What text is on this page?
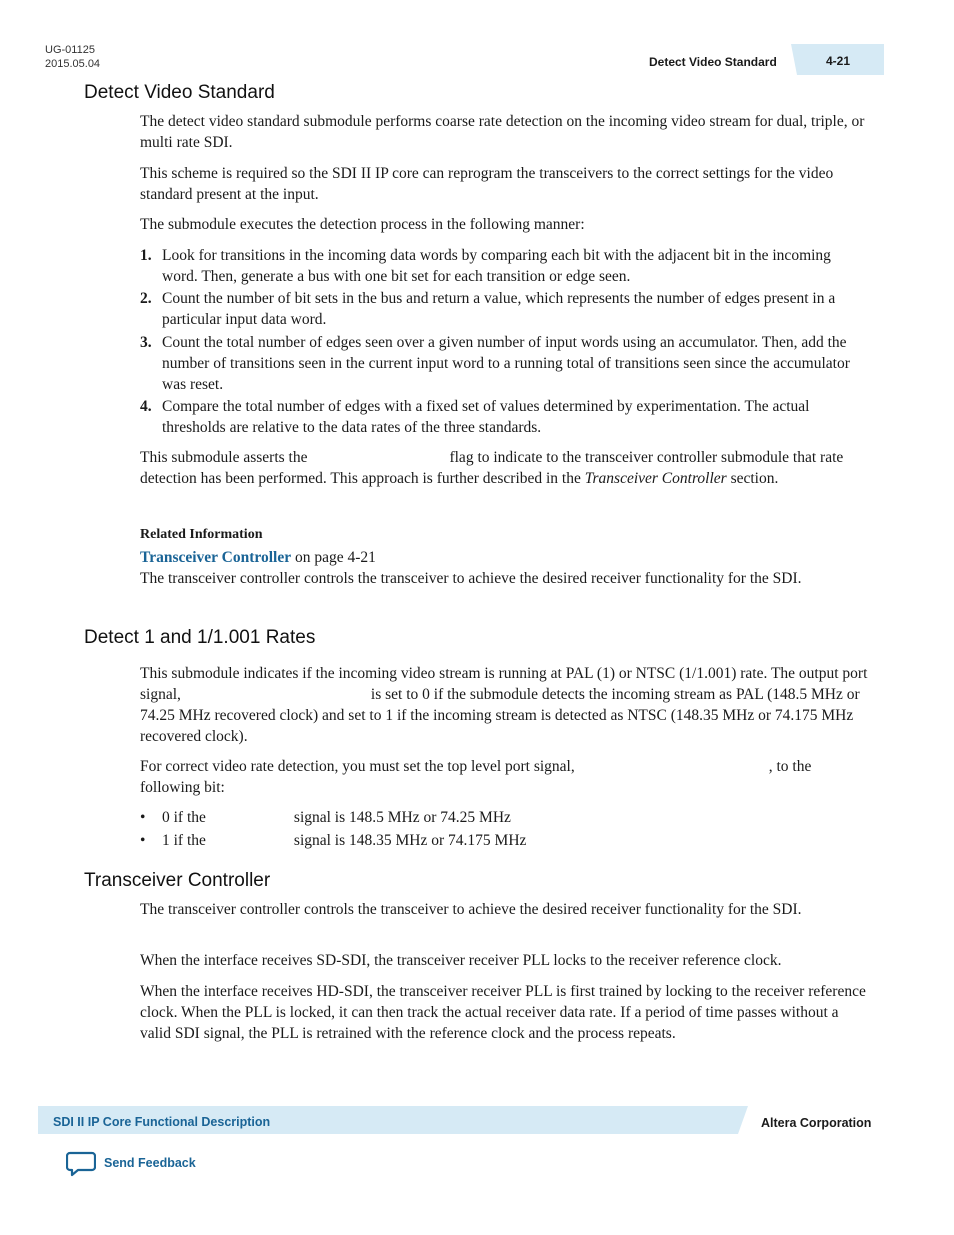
UG-01125
2015.05.04	Detect Video Standard	4-21
Detect Video Standard

The detect video standard submodule performs coarse rate detection on the incoming video stream for dual, triple, or multi rate SDI.

This scheme is required so the SDI II IP core can reprogram the transceivers to the correct settings for the video standard present at the input.

The submodule executes the detection process in the following manner:

1. Look for transitions in the incoming data words by comparing each bit with the adjacent bit in the incoming word. Then, generate a bus with one bit set for each transition or edge seen.
2. Count the number of bit sets in the bus and return a value, which represents the number of edges present in a particular input data word.
3. Count the total number of edges seen over a given number of input words using an accumulator. Then, add the number of transitions seen in the current input word to a running total of transitions seen since the accumulator was reset.
4. Compare the total number of edges with a fixed set of values determined by experimentation. The actual thresholds are relative to the data rates of the three standards.

This submodule asserts the	flag to indicate to the transceiver controller submodule that rate detection has been performed. This approach is further described in the Transceiver Controller section.

Related Information

Transceiver Controller on page 4-21
The transceiver controller controls the transceiver to achieve the desired receiver functionality for the SDI.

Detect 1 and 1/1.001 Rates

This submodule indicates if the incoming video stream is running at PAL (1) or NTSC (1/1.001) rate. The output port signal,	is set to 0 if the submodule detects the incoming stream as PAL (148.5 MHz or 74.25 MHz recovered clock) and set to 1 if the incoming stream is detected as NTSC (148.35 MHz or 74.175 MHz recovered clock).

For correct video rate detection, you must set the top level port signal,	, to the following bit:

• 0 if the	signal is 148.5 MHz or 74.25 MHz
• 1 if the	signal is 148.35 MHz or 74.175 MHz
Transceiver Controller

The transceiver controller controls the transceiver to achieve the desired receiver functionality for the SDI.

When the interface receives SD-SDI, the transceiver receiver PLL locks to the receiver reference clock.

When the interface receives HD-SDI, the transceiver receiver PLL is first trained by locking to the receiver reference clock. When the PLL is locked, it can then track the actual receiver data rate. If a period of time passes without a valid SDI signal, the PLL is retrained with the reference clock and the process repeats.

SDI II IP Core Functional Description	Altera Corporation
Send Feedback
